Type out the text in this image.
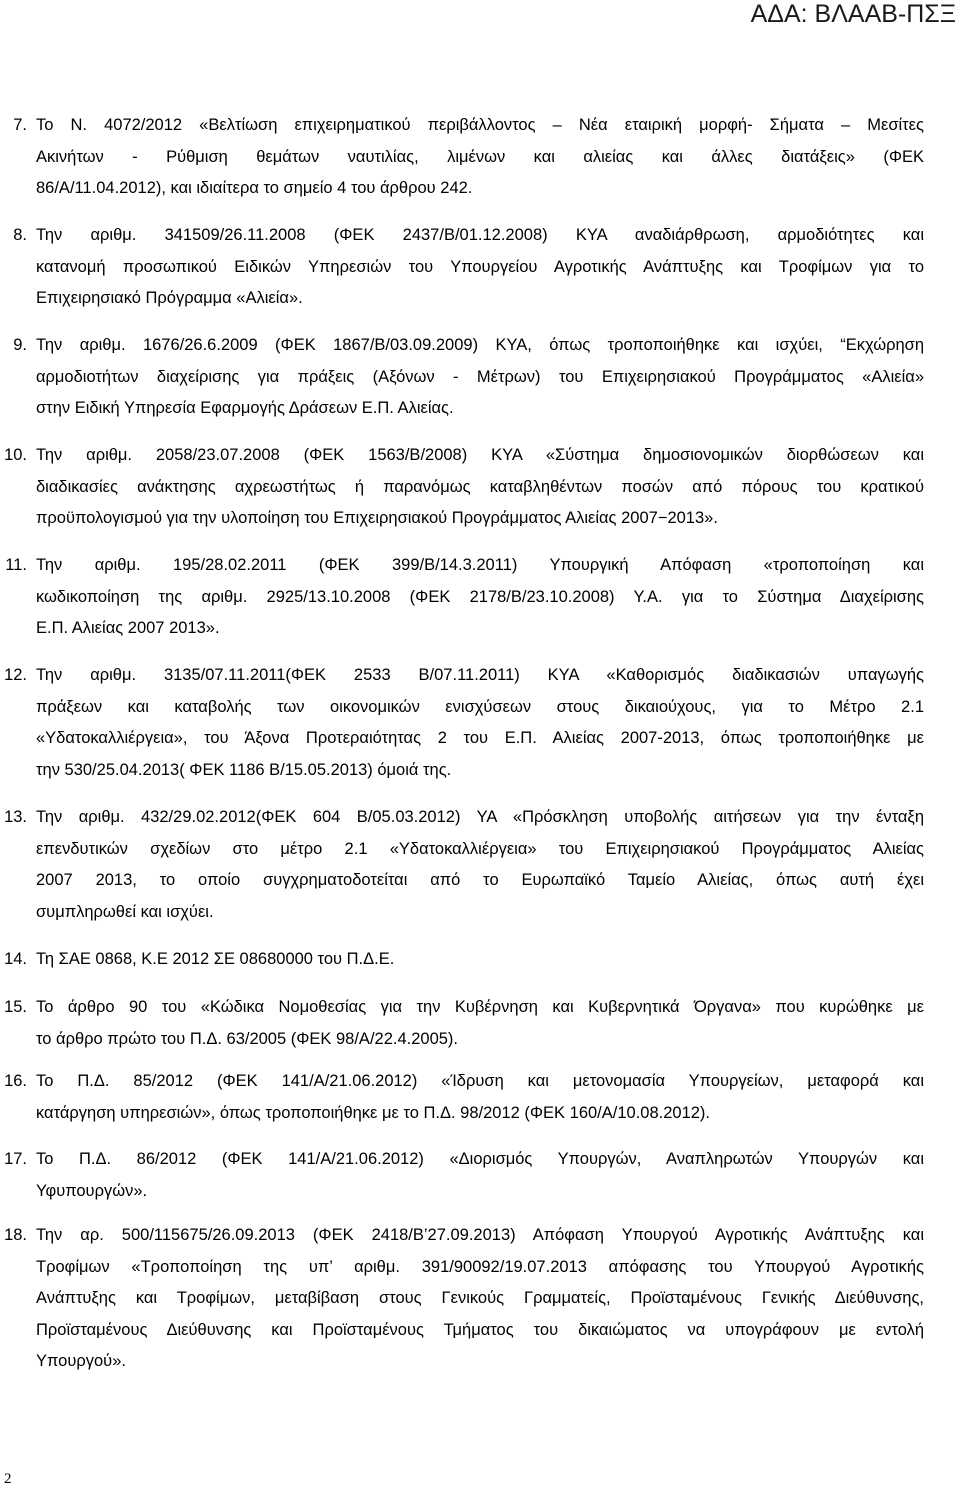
ΑΔΑ: ΒΛΑΑΒ-ΠΣΞ
7. Το Ν. 4072/2012 «Βελτίωση επιχειρηματικού περιβάλλοντος – Νέα εταιρική μορφή- Σήματα – Μεσίτες
Ακινήτων - Ρύθμιση θεμάτων ναυτιλίας, λιμένων και αλιείας και άλλες διατάξεις» (ΦΕΚ
86/Α/11.04.2012), και ιδιαίτερα το σημείο 4 του άρθρου 242.
8. Την αριθμ. 341509/26.11.2008 (ΦΕΚ 2437/Β/01.12.2008) ΚΥΑ αναδιάρθρωση, αρμοδιότητες και
κατανομή προσωπικού Ειδικών Υπηρεσιών του Υπουργείου Αγροτικής Ανάπτυξης και Τροφίμων για το
Επιχειρησιακό Πρόγραμμα «Αλιεία».
9. Την αριθμ. 1676/26.6.2009 (ΦΕΚ 1867/Β/03.09.2009) ΚΥΑ, όπως τροποποιήθηκε και ισχύει, “Εκχώρηση
αρμοδιοτήτων διαχείρισης για πράξεις (Αξόνων - Μέτρων) του Επιχειρησιακού Προγράμματος «Αλιεία»
στην Ειδική Υπηρεσία Εφαρμογής Δράσεων Ε.Π. Αλιείας.
10. Την αριθμ. 2058/23.07.2008 (ΦΕΚ 1563/Β/2008) ΚΥΑ «Σύστημα δημοσιονομικών διορθώσεων και
διαδικασίες ανάκτησης αχρεωστήτως ή παρανόμως καταβληθέντων ποσών από πόρους του κρατικού
προϋπολογισμού για την υλοποίηση του Επιχειρησιακού Προγράμματος Αλιείας 2007−2013».
11. Την αριθμ. 195/28.02.2011 (ΦΕΚ 399/Β/14.3.2011) Υπουργική Απόφαση «τροποποίηση και
κωδικοποίηση της αριθμ. 2925/13.10.2008 (ΦΕΚ 2178/Β/23.10.2008) Υ.Α. για το Σύστημα Διαχείρισης
Ε.Π. Αλιείας 2007 2013».
12. Την αριθμ. 3135/07.11.2011(ΦΕΚ 2533 Β/07.11.2011) ΚΥΑ «Καθορισμός διαδικασιών υπαγωγής
πράξεων και καταβολής των οικονομικών ενισχύσεων στους δικαιούχους, για το Μέτρο 2.1
«Υδατοκαλλιέργεια», του Άξονα Προτεραιότητας 2 του Ε.Π. Αλιείας 2007-2013, όπως τροποποιήθηκε με
την 530/25.04.2013( ΦΕΚ 1186 Β/15.05.2013) όμοιά της.
13. Την αριθμ. 432/29.02.2012(ΦΕΚ 604 Β/05.03.2012) ΥΑ «Πρόσκληση υποβολής αιτήσεων για την ένταξη
επενδυτικών σχεδίων στο μέτρο 2.1 «Υδατοκαλλιέργεια» του Επιχειρησιακού Προγράμματος Αλιείας
2007 2013, το οποίο συγχρηματοδοτείται από το Ευρωπαϊκό Ταμείο Αλιείας, όπως αυτή έχει
συμπληρωθεί και ισχύει.
14. Τη ΣΑΕ 0868, Κ.Ε 2012 ΣΕ 08680000 του Π.Δ.Ε.
15. Το άρθρο 90 του «Κώδικα Νομοθεσίας για την Κυβέρνηση και Κυβερνητικά Όργανα» που κυρώθηκε με
το άρθρο πρώτο του Π.Δ. 63/2005 (ΦΕΚ 98/Α/22.4.2005).
16. Το Π.Δ. 85/2012 (ΦΕΚ 141/Α/21.06.2012) «Ίδρυση και μετονομασία Υπουργείων, μεταφορά και
κατάργηση υπηρεσιών», όπως τροποποιήθηκε με το Π.Δ. 98/2012 (ΦΕΚ 160/Α/10.08.2012).
17. Το Π.Δ. 86/2012 (ΦΕΚ 141/Α/21.06.2012) «Διορισμός Υπουργών, Αναπληρωτών Υπουργών και
Υφυπουργών».
18. Την αρ. 500/115675/26.09.2013 (ΦΕΚ 2418/Β’27.09.2013) Απόφαση Υπουργού Αγροτικής Ανάπτυξης και
Τροφίμων «Τροποποίηση της υπ’ αριθμ. 391/90092/19.07.2013 απόφασης του Υπουργού Αγροτικής
Ανάπτυξης και Τροφίμων, μεταβίβαση στους Γενικούς Γραμματείς, Προϊσταμένους Γενικής Διεύθυνσης,
Προϊσταμένους Διεύθυνσης και Προϊσταμένους Τμήματος του δικαιώματος να υπογράφουν με εντολή
Υπουργού».
2
